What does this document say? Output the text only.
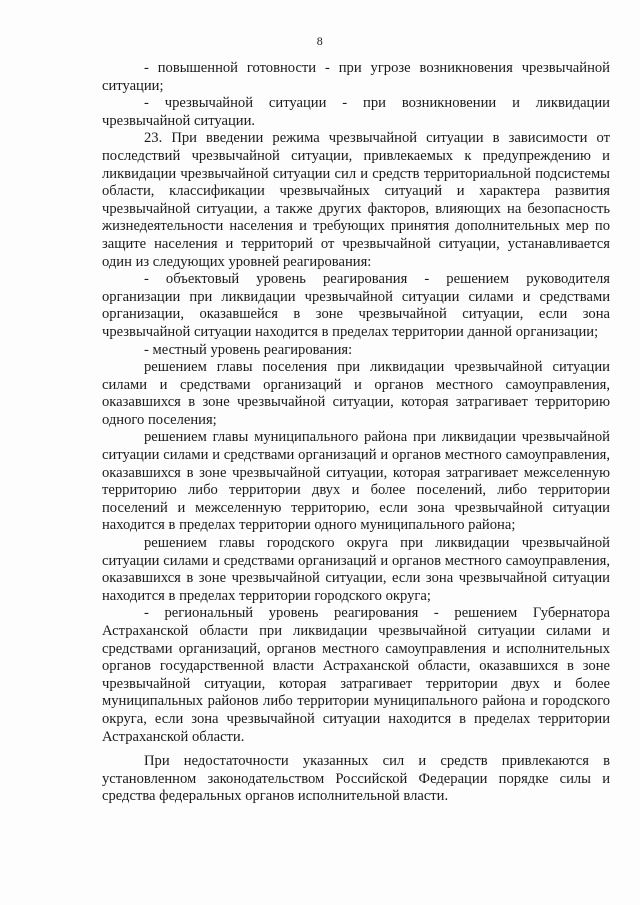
8

- повышенной готовности - при угрозе возникновения чрезвычайной ситуации;

- чрезвычайной ситуации - при возникновении и ликвидации чрезвычайной ситуации.

23. При введении режима чрезвычайной ситуации в зависимости от последствий чрезвычайной ситуации, привлекаемых к предупреждению и ликвидации чрезвычайной ситуации сил и средств территориальной подсистемы области, классификации чрезвычайных ситуаций и характера развития чрезвычайной ситуации, а также других факторов, влияющих на безопасность жизнедеятельности населения и требующих принятия дополнительных мер по защите населения и территорий от чрезвычайной ситуации, устанавливается один из следующих уровней реагирования:

- объектовый уровень реагирования - решением руководителя организации при ликвидации чрезвычайной ситуации силами и средствами организации, оказавшейся в зоне чрезвычайной ситуации, если зона чрезвычайной ситуации находится в пределах территории данной организации;

- местный уровень реагирования:

решением главы поселения при ликвидации чрезвычайной ситуации силами и средствами организаций и органов местного самоуправления, оказавшихся в зоне чрезвычайной ситуации, которая затрагивает территорию одного поселения;

решением главы муниципального района при ликвидации чрезвычайной ситуации силами и средствами организаций и органов местного самоуправления, оказавшихся в зоне чрезвычайной ситуации, которая затрагивает межселенную территорию либо территории двух и более поселений, либо территории поселений и межселенную территорию, если зона чрезвычайной ситуации находится в пределах территории одного муниципального района;

решением главы городского округа при ликвидации чрезвычайной ситуации силами и средствами организаций и органов местного самоуправления, оказавшихся в зоне чрезвычайной ситуации, если зона чрезвычайной ситуации находится в пределах территории городского округа;

- региональный уровень реагирования - решением Губернатора Астраханской области при ликвидации чрезвычайной ситуации силами и средствами организаций, органов местного самоуправления и исполнительных органов государственной власти Астраханской области, оказавшихся в зоне чрезвычайной ситуации, которая затрагивает территории двух и более муниципальных районов либо территории муниципального района и городского округа, если зона чрезвычайной ситуации находится в пределах территории Астраханской области.

При недостаточности указанных сил и средств привлекаются в установленном законодательством Российской Федерации порядке силы и средства федеральных органов исполнительной власти.
